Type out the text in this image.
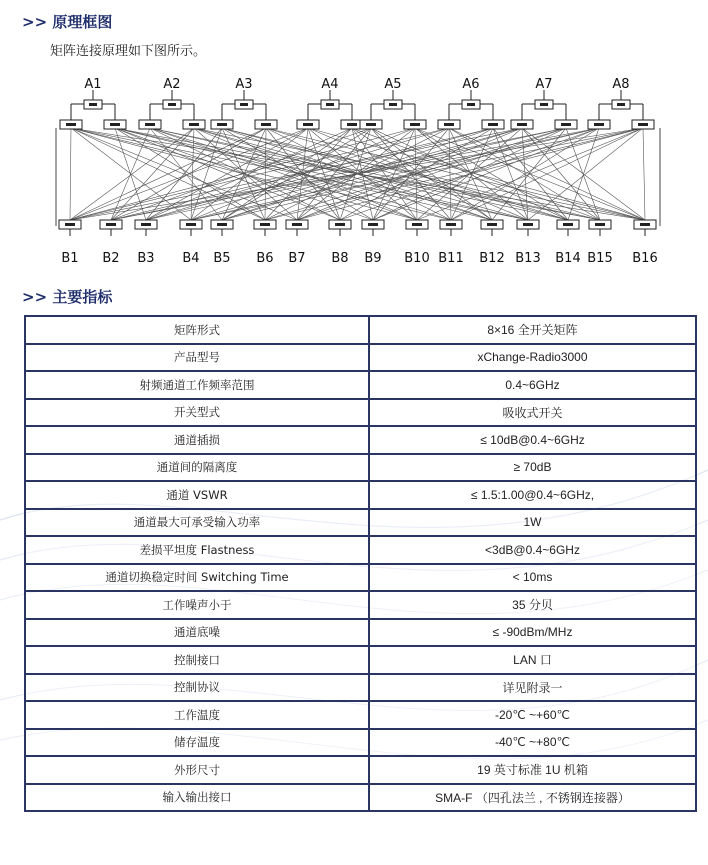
>> 原理框图
矩阵连接原理如下图所示。
A1	A2	A3	A4	A5	A6	A7	A8
B1 B2 B3 B4 B5 B6 B7 B8 B9 B10 B11 B12 B13 B14 B15 B16
>> 主要指标
矩阵形式	8×16 全开关矩阵
产品型号	xChange-Radio3000
射频通道工作频率范围	0.4~6GHz
开关型式	吸收式开关
通道插损	≤ 10dB@0.4~6GHz
通道间的隔离度	≥ 70dB
通道 VSWR	≤ 1.5:1.00@0.4~6GHz,
通道最大可承受输入功率	1W
差损平坦度 Flastness	<3dB@0.4~6GHz
通道切换稳定时间 Switching Time	< 10ms
工作噪声小于	35 分贝
通道底噪	≤ -90dBm/MHz
控制接口	LAN 口
控制协议	详见附录一
工作温度	-20℃ ~+60℃
储存温度	-40℃ ~+80℃
外形尺寸	19 英寸标准 1U 机箱
输入输出接口	SMA-F （四孔法兰 , 不锈钢连接器）
